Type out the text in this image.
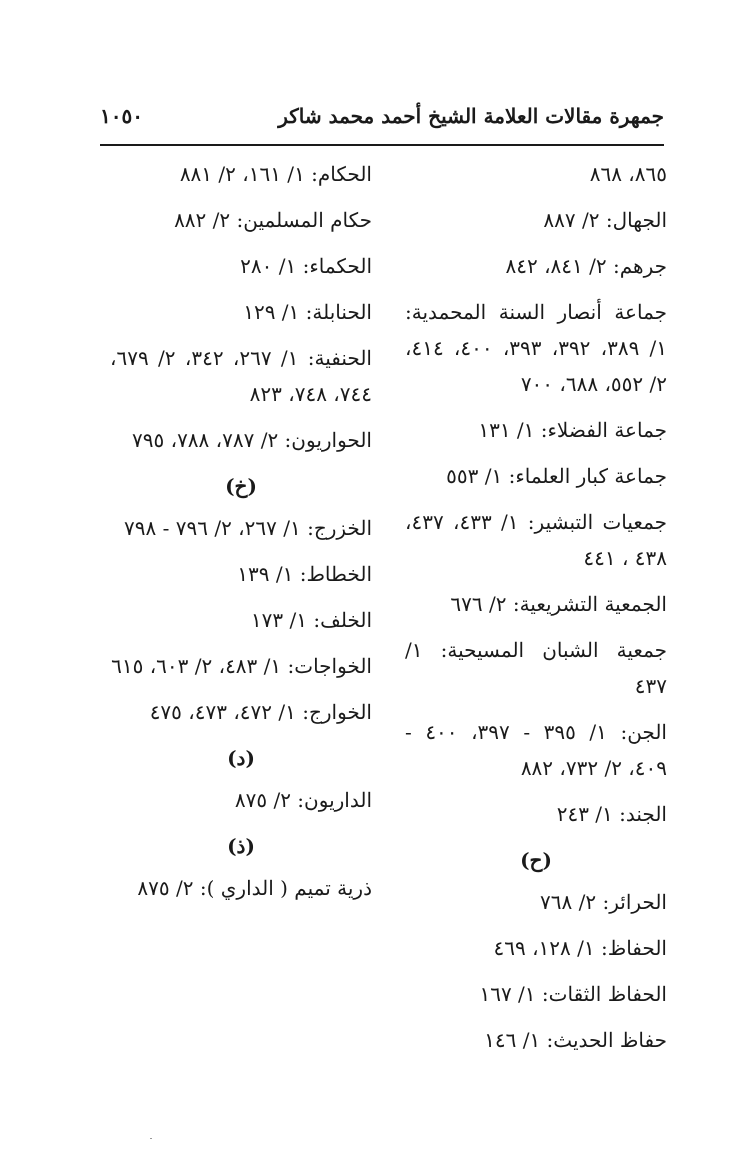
جمهرة مقالات العلامة الشيخ أحمد محمد شاكر
١٠٥٠
٨٦٥، ٨٦٨
الجهال: ٢/ ٨٨٧
جرهم: ٢/ ٨٤١، ٨٤٢
جماعة أنصار السنة المحمدية: ١/ ٣٨٩، ٣٩٢، ٣٩٣، ٤٠٠، ٤١٤، ٢/ ٥٥٢، ٦٨٨، ٧٠٠
جماعة الفضلاء: ١/ ١٣١
جماعة كبار العلماء: ١/ ٥٥٣
جمعيات التبشير: ١/ ٤٣٣، ٤٣٧، ٤٣٨ ، ٤٤١
الجمعية التشريعية: ٢/ ٦٧٦
جمعية الشبان المسيحية: ١/ ٤٣٧
الجن: ١/ ٣٩٥ - ٣٩٧، ٤٠٠ - ٤٠٩، ٢/ ٧٣٢، ٨٨٢
الجند: ١/ ٢٤٣
(ح)
الحرائر: ٢/ ٧٦٨
الحفاظ: ١/ ١٢٨، ٤٦٩
الحفاظ الثقات: ١/ ١٦٧
حفاظ الحديث: ١/ ١٤٦
الحكام: ١/ ١٦١، ٢/ ٨٨١
حكام المسلمين: ٢/ ٨٨٢
الحكماء: ١/ ٢٨٠
الحنابلة: ١/ ١٢٩
الحنفية: ١/ ٢٦٧، ٣٤٢، ٢/ ٦٧٩، ٧٤٤، ٧٤٨، ٨٢٣
الحواريون: ٢/ ٧٨٧، ٧٨٨، ٧٩٥
(خ)
الخزرج: ١/ ٢٦٧، ٢/ ٧٩٦ - ٧٩٨
الخطاط: ١/ ١٣٩
الخلف: ١/ ١٧٣
الخواجات: ١/ ٤٨٣، ٢/ ٦٠٣، ٦١٥
الخوارج: ١/ ٤٧٢، ٤٧٣، ٤٧٥
(د)
الداريون: ٢/ ٨٧٥
(ذ)
ذرية تميم ( الداري ): ٢/ ٨٧٥
